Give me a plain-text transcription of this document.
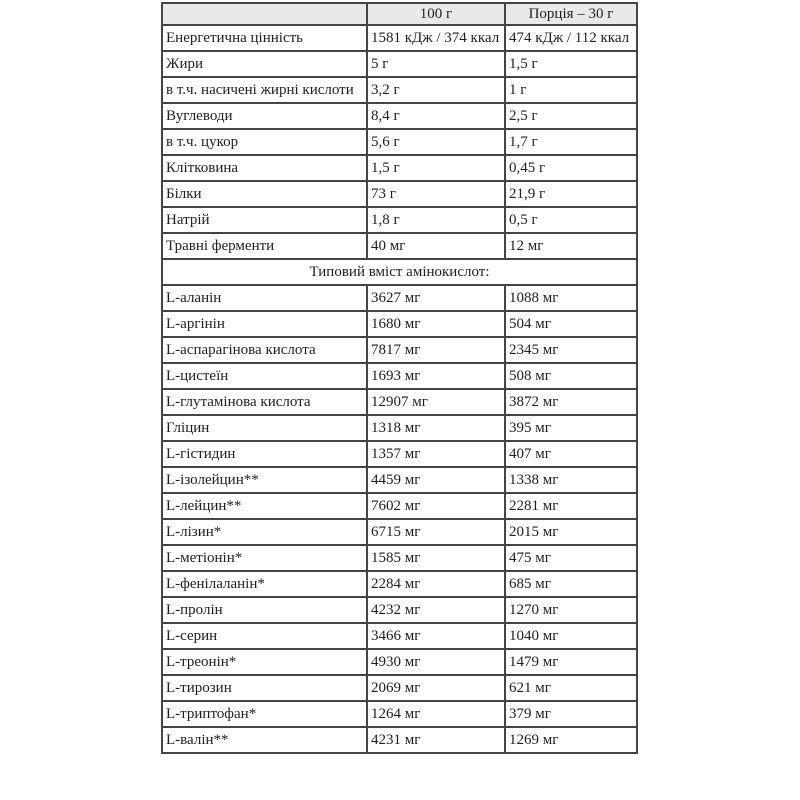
	100 г	Порція – 30 г
Енергетична цінність	1581 кДж / 374 ккал	474 кДж / 112 ккал
Жири	5 г	1,5 г
в т.ч. насичені жирні кислоти	3,2 г	1 г
Вуглеводи	8,4 г	2,5 г
в т.ч. цукор	5,6 г	1,7 г
Клітковина	1,5 г	0,45 г
Білки	73 г	21,9 г
Натрій	1,8 г	0,5 г
Травні ферменти	40 мг	12 мг
Типовий вміст амінокислот:		
L-аланін	3627 мг	1088 мг
L-аргінін	1680 мг	504 мг
L-аспарагінова кислота	7817 мг	2345 мг
L-цистеїн	1693 мг	508 мг
L-глутамінова кислота	12907 мг	3872 мг
Гліцин	1318 мг	395 мг
L-гістидин	1357 мг	407 мг
L-ізолейцин**	4459 мг	1338 мг
L-лейцин**	7602 мг	2281 мг
L-лізин*	6715 мг	2015 мг
L-метіонін*	1585 мг	475 мг
L-фенілаланін*	2284 мг	685 мг
L-пролін	4232 мг	1270 мг
L-серин	3466 мг	1040 мг
L-треонін*	4930 мг	1479 мг
L-тирозин	2069 мг	621 мг
L-триптофан*	1264 мг	379 мг
L-валін**	4231 мг	1269 мг
